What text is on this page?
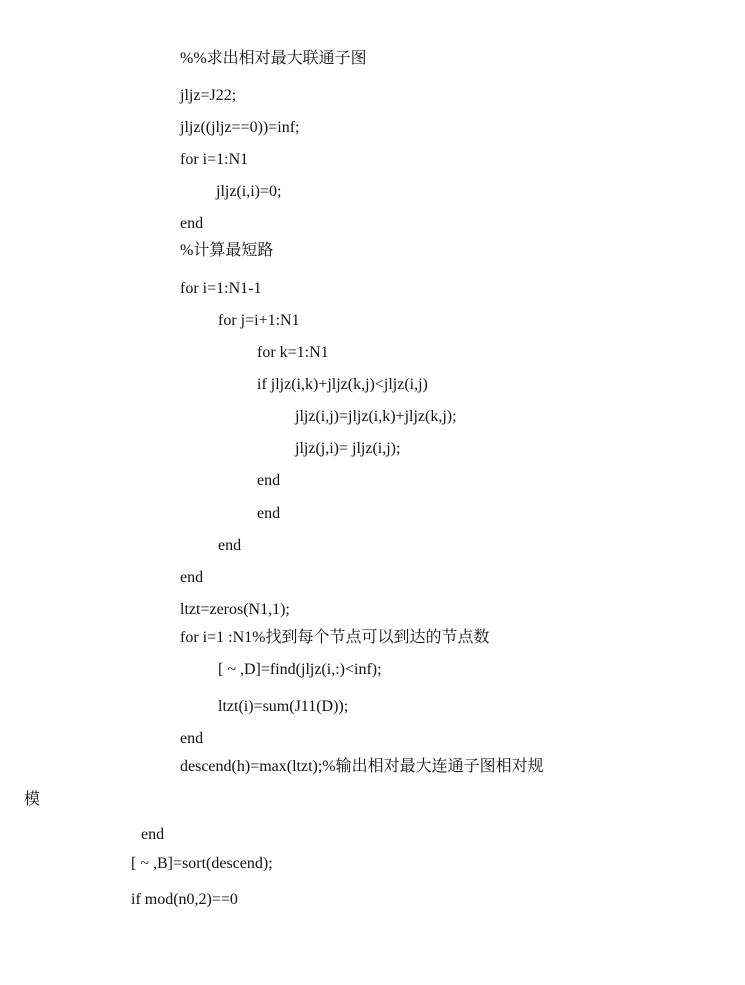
%%求出相对最大联通子图
jljz=J22;
jljz((jljz==0))=inf;
for i=1:N1
jljz(i,i)=0;
end
%计算最短路
for i=1:N1-1
for j=i+1:N1
for k=1:N1
if jljz(i,k)+jljz(k,j)<jljz(i,j)
jljz(i,j)=jljz(i,k)+jljz(k,j);
jljz(j,i)= jljz(i,j);
end
end
end
end
ltzt=zeros(N1,1);
for i=1 :N1%找到每个节点可以到达的节点数
[ ~ ,D]=find(jljz(i,:)<inf);
ltzt(i)=sum(J11(D));
end
descend(h)=max(ltzt);%输出相对最大连通子图相对规
模
end
[ ~ ,B]=sort(descend);
if mod(n0,2)==0
